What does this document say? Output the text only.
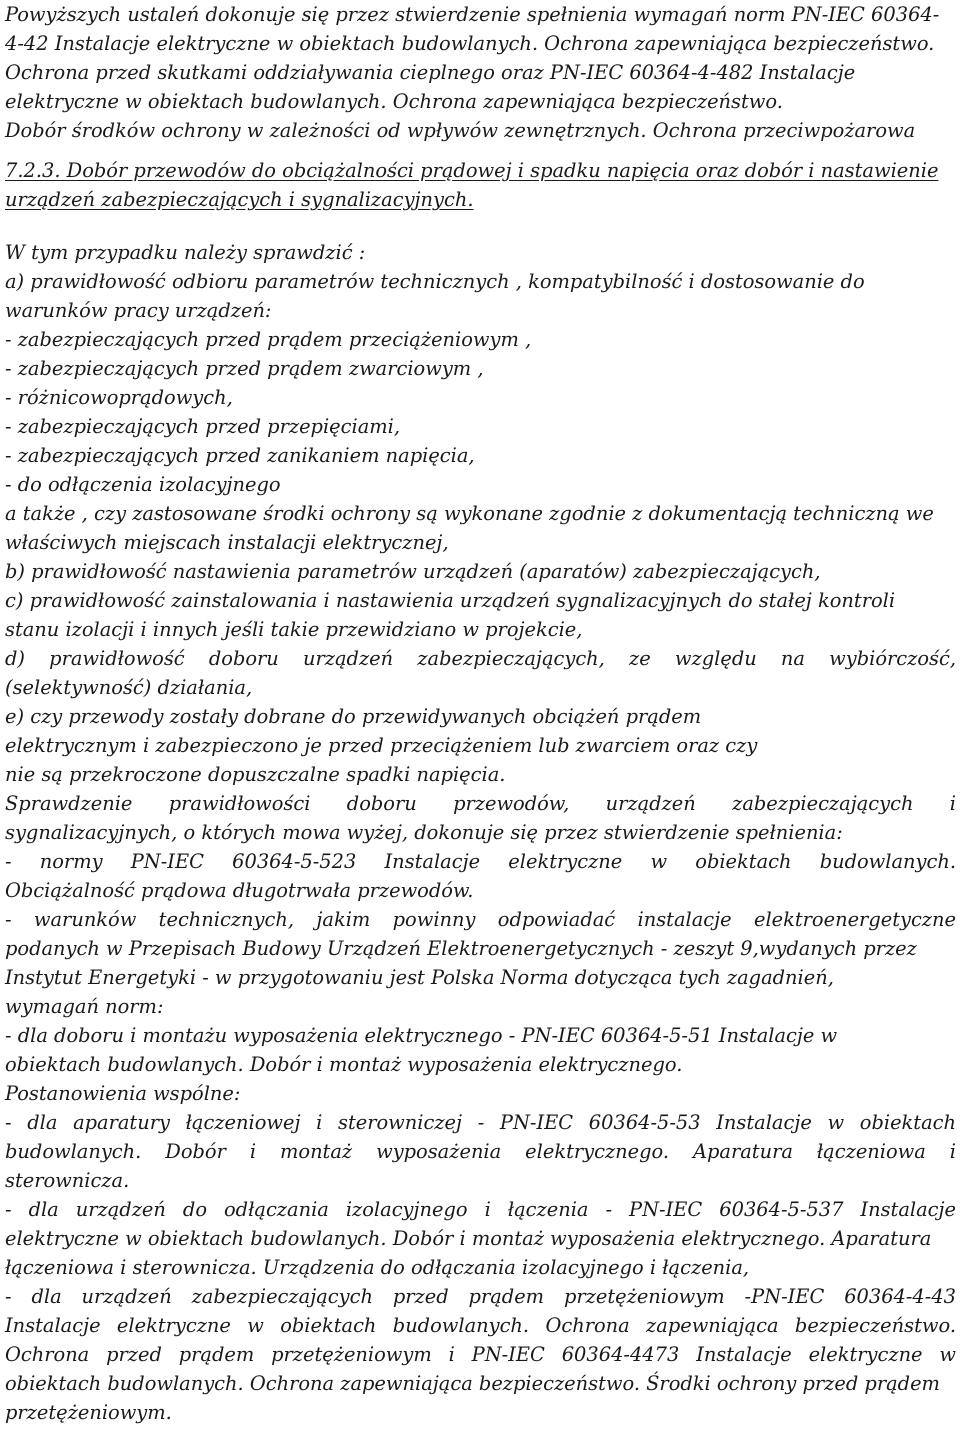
Powyższych ustaleń dokonuje się przez stwierdzenie spełnienia wymagań norm PN-IEC 60364-

4-42 Instalacje elektryczne w obiektach budowlanych. Ochrona zapewniająca bezpieczeństwo.

Ochrona przed skutkami oddziaływania cieplnego oraz PN-IEC 60364-4-482 Instalacje

elektryczne w obiektach budowlanych. Ochrona zapewniająca bezpieczeństwo.

Dobór środków ochrony w zależności od wpływów zewnętrznych. Ochrona przeciwpożarowa

7.2.3. Dobór przewodów do obciążalności prądowej i spadku napięcia oraz dobór i nastawienie

urządzeń zabezpieczających i sygnalizacyjnych.

W tym przypadku należy sprawdzić :

a) prawidłowość odbioru parametrów technicznych , kompatybilność i dostosowanie do

warunków pracy urządzeń:

- zabezpieczających przed prądem przeciążeniowym ,

- zabezpieczających przed prądem zwarciowym ,

- różnicowoprądowych,

- zabezpieczających przed przepięciami,

- zabezpieczających przed zanikaniem napięcia,

- do odłączenia izolacyjnego

a także , czy zastosowane środki ochrony są wykonane zgodnie z dokumentacją techniczną we

właściwych miejscach instalacji elektrycznej,

b) prawidłowość nastawienia parametrów urządzeń (aparatów) zabezpieczających,

c) prawidłowość zainstalowania i nastawienia urządzeń sygnalizacyjnych do stałej kontroli

stanu izolacji i innych jeśli takie przewidziano w projekcie,

d) prawidłowość doboru urządzeń zabezpieczających, ze względu na wybiórczość,

(selektywność) działania,

e) czy przewody zostały dobrane do przewidywanych obciążeń prądem

elektrycznym i zabezpieczono je przed przeciążeniem lub zwarciem oraz czy

nie są przekroczone dopuszczalne spadki napięcia.

Sprawdzenie prawidłowości doboru przewodów, urządzeń zabezpieczających i

sygnalizacyjnych, o których mowa wyżej, dokonuje się przez stwierdzenie spełnienia:

- normy PN-IEC 60364-5-523 Instalacje elektryczne w obiektach budowlanych.

Obciążalność prądowa długotrwała przewodów.

- warunków technicznych, jakim powinny odpowiadać instalacje elektroenergetyczne

podanych w Przepisach Budowy Urządzeń Elektroenergetycznych - zeszyt 9,wydanych przez

Instytut Energetyki - w przygotowaniu jest Polska Norma dotycząca tych zagadnień,

wymagań norm:

- dla doboru i montażu wyposażenia elektrycznego - PN-IEC 60364-5-51 Instalacje w

obiektach budowlanych. Dobór i montaż wyposażenia elektrycznego.

Postanowienia wspólne:

- dla aparatury łączeniowej i sterowniczej - PN-IEC 60364-5-53 Instalacje w obiektach

budowlanych. Dobór i montaż wyposażenia elektrycznego. Aparatura łączeniowa i

sterownicza.

- dla urządzeń do odłączania izolacyjnego i łączenia - PN-IEC 60364-5-537 Instalacje

elektryczne w obiektach budowlanych. Dobór i montaż wyposażenia elektrycznego. Aparatura

łączeniowa i sterownicza. Urządzenia do odłączania izolacyjnego i łączenia,

- dla urządzeń zabezpieczających przed prądem przetężeniowym -PN-IEC 60364-4-43

Instalacje elektryczne w obiektach budowlanych. Ochrona zapewniająca bezpieczeństwo.

Ochrona przed prądem przetężeniowym i PN-IEC 60364-4473 Instalacje elektryczne w

obiektach budowlanych. Ochrona zapewniająca bezpieczeństwo. Środki ochrony przed prądem

przetężeniowym.
